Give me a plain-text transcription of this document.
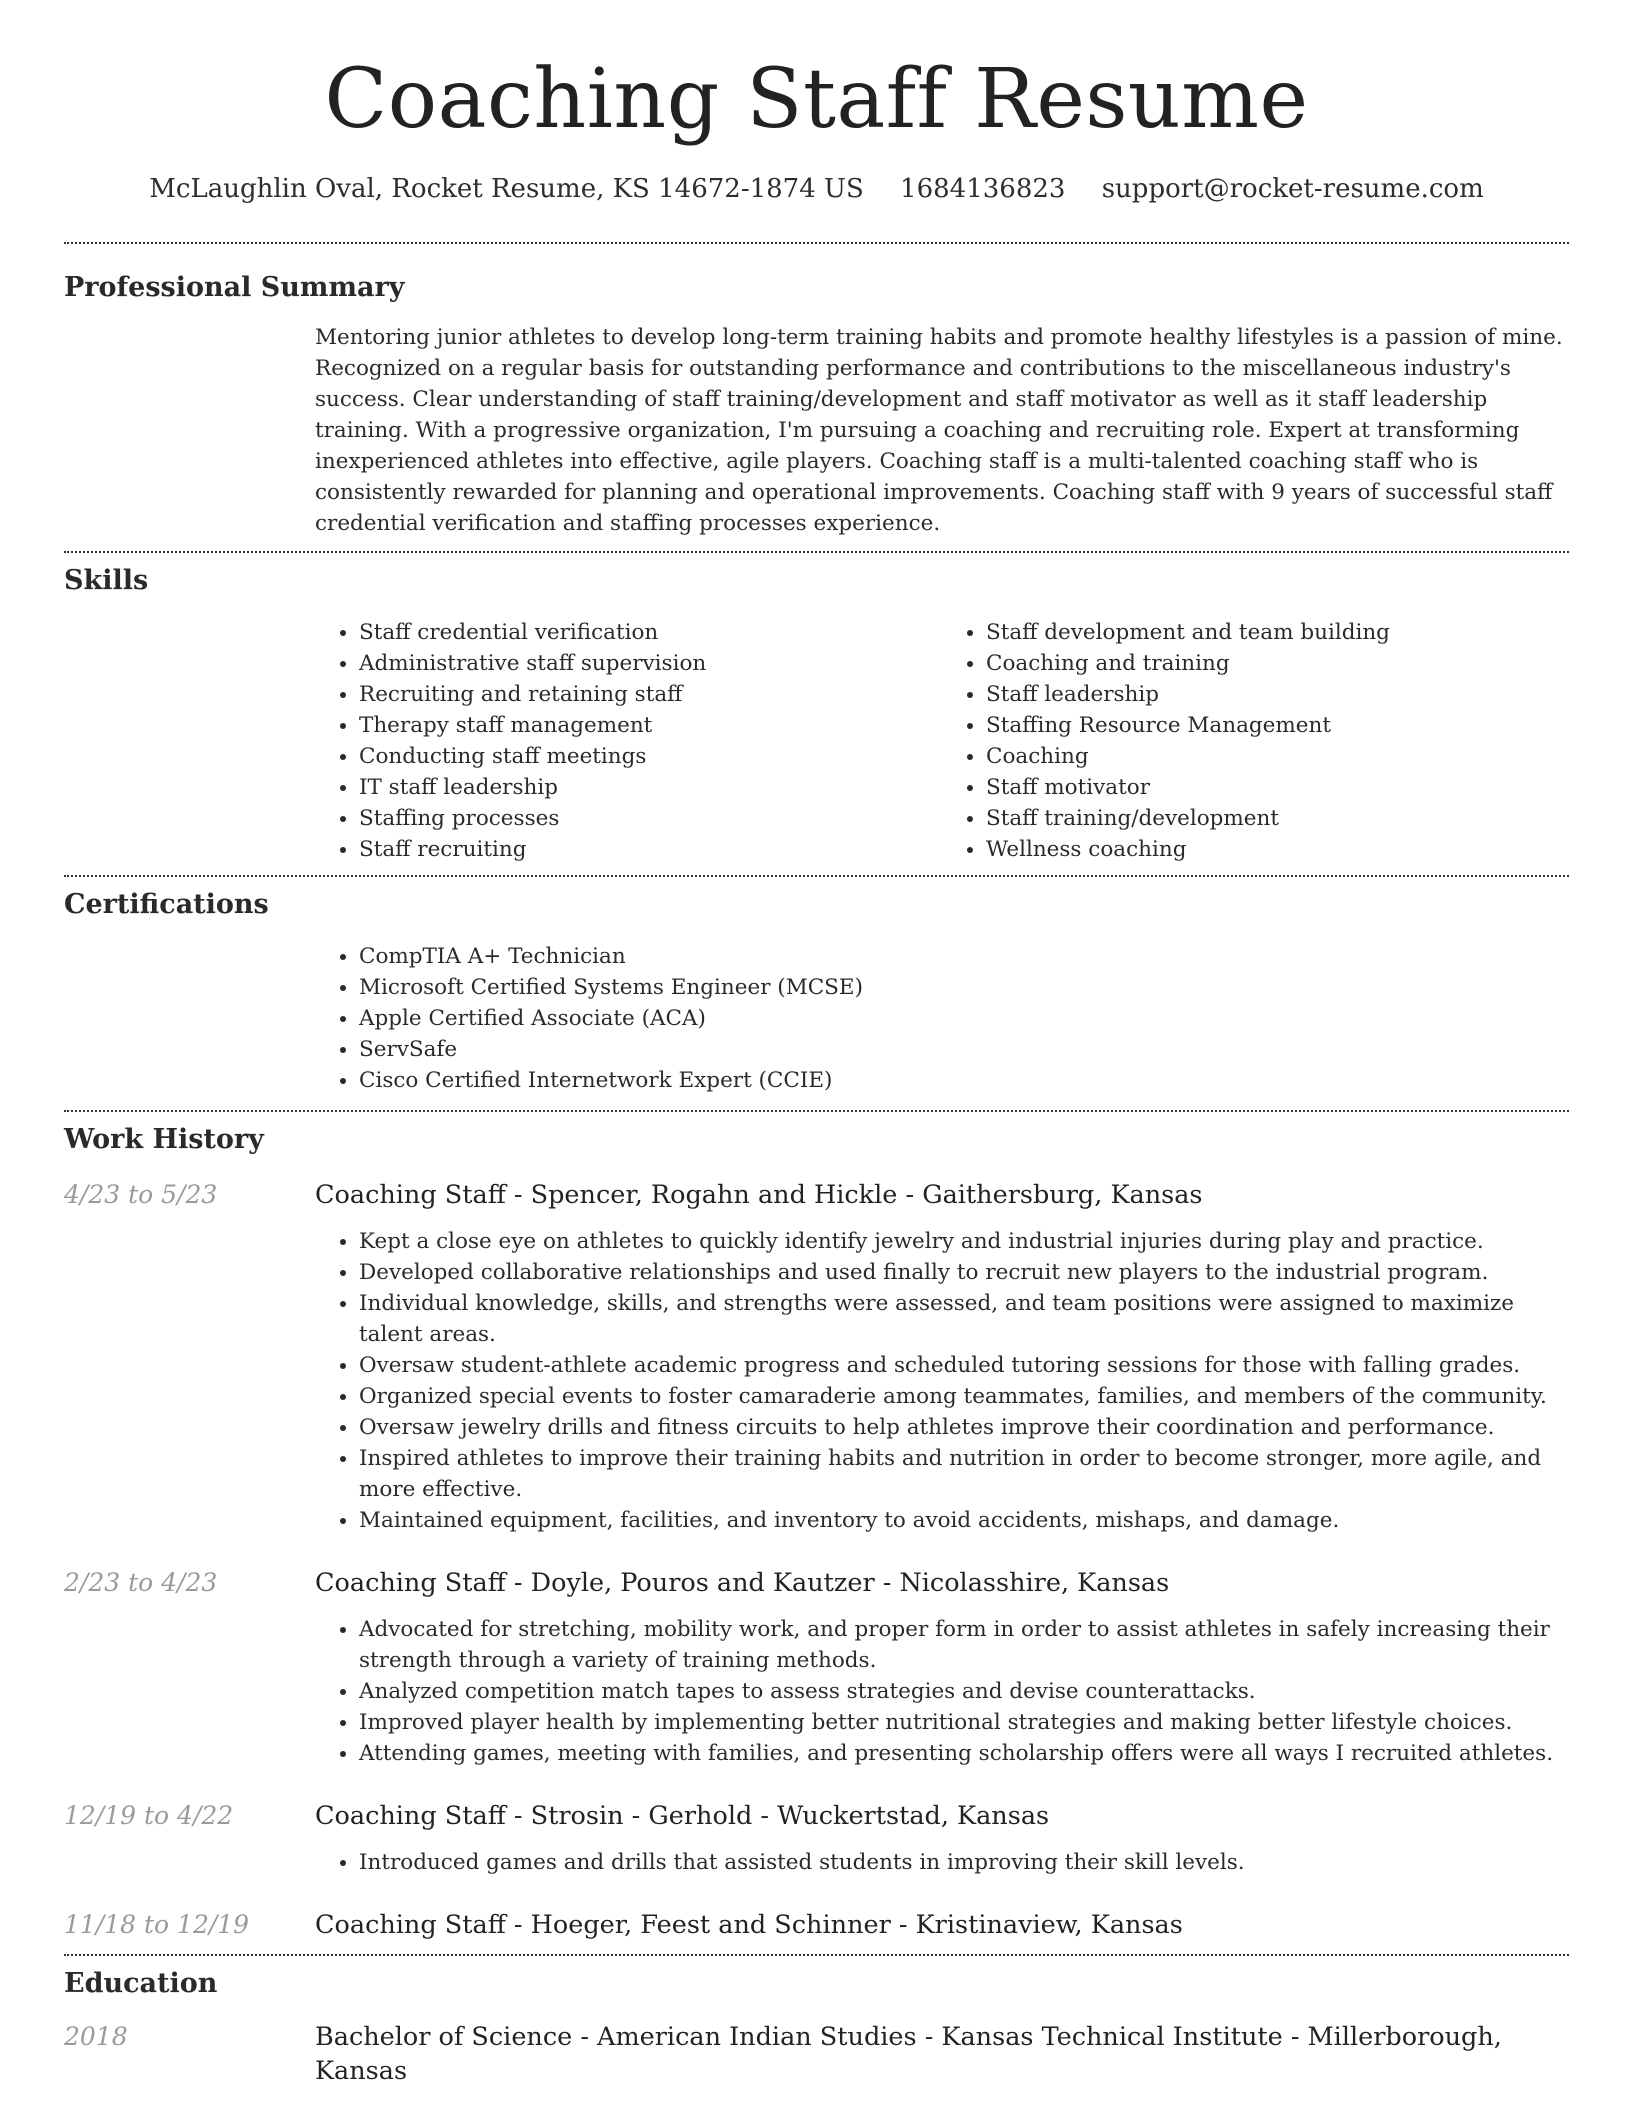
Coaching Staff Resume
McLaughlin Oval, Rocket Resume, KS 14672-1874 US 1684136823 support@rocket-resume.com
Professional Summary

Mentoring junior athletes to develop long-term training habits and promote healthy lifestyles is a passion of mine. Recognized on a regular basis for outstanding performance and contributions to the miscellaneous industry's success. Clear understanding of staff training/development and staff motivator as well as it staff leadership training. With a progressive organization, I'm pursuing a coaching and recruiting role. Expert at transforming inexperienced athletes into effective, agile players. Coaching staff is a multi-talented coaching staff who is consistently rewarded for planning and operational improvements. Coaching staff with 9 years of successful staff credential verification and staffing processes experience.

Skills
• Staff credential verification
• Administrative staff supervision
• Recruiting and retaining staff
• Therapy staff management
• Conducting staff meetings
• IT staff leadership
• Staffing processes
• Staff recruiting
• Staff development and team building
• Coaching and training
• Staff leadership
• Staffing Resource Management
• Coaching
• Staff motivator
• Staff training/development
• Wellness coaching
Certifications
• CompTIA A+ Technician
• Microsoft Certified Systems Engineer (MCSE)
• Apple Certified Associate (ACA)
• ServSafe
• Cisco Certified Internetwork Expert (CCIE)
Work History
4/23 to 5/23	Coaching Staff - Spencer, Rogahn and Hickle - Gaithersburg, Kansas
• Kept a close eye on athletes to quickly identify jewelry and industrial injuries during play and practice.
• Developed collaborative relationships and used finally to recruit new players to the industrial program.
• Individual knowledge, skills, and strengths were assessed, and team positions were assigned to maximize talent areas.
• Oversaw student-athlete academic progress and scheduled tutoring sessions for those with falling grades.
• Organized special events to foster camaraderie among teammates, families, and members of the community.
• Oversaw jewelry drills and fitness circuits to help athletes improve their coordination and performance.
• Inspired athletes to improve their training habits and nutrition in order to become stronger, more agile, and more effective.
• Maintained equipment, facilities, and inventory to avoid accidents, mishaps, and damage.
2/23 to 4/23	Coaching Staff - Doyle, Pouros and Kautzer - Nicolasshire, Kansas
• Advocated for stretching, mobility work, and proper form in order to assist athletes in safely increasing their strength through a variety of training methods.
• Analyzed competition match tapes to assess strategies and devise counterattacks.
• Improved player health by implementing better nutritional strategies and making better lifestyle choices.
• Attending games, meeting with families, and presenting scholarship offers were all ways I recruited athletes.
12/19 to 4/22	Coaching Staff - Strosin - Gerhold - Wuckertstad, Kansas
• Introduced games and drills that assisted students in improving their skill levels.
11/18 to 12/19	Coaching Staff - Hoeger, Feest and Schinner - Kristinaview, Kansas
Education
2018	Bachelor of Science - American Indian Studies - Kansas Technical Institute - Millerborough, Kansas
